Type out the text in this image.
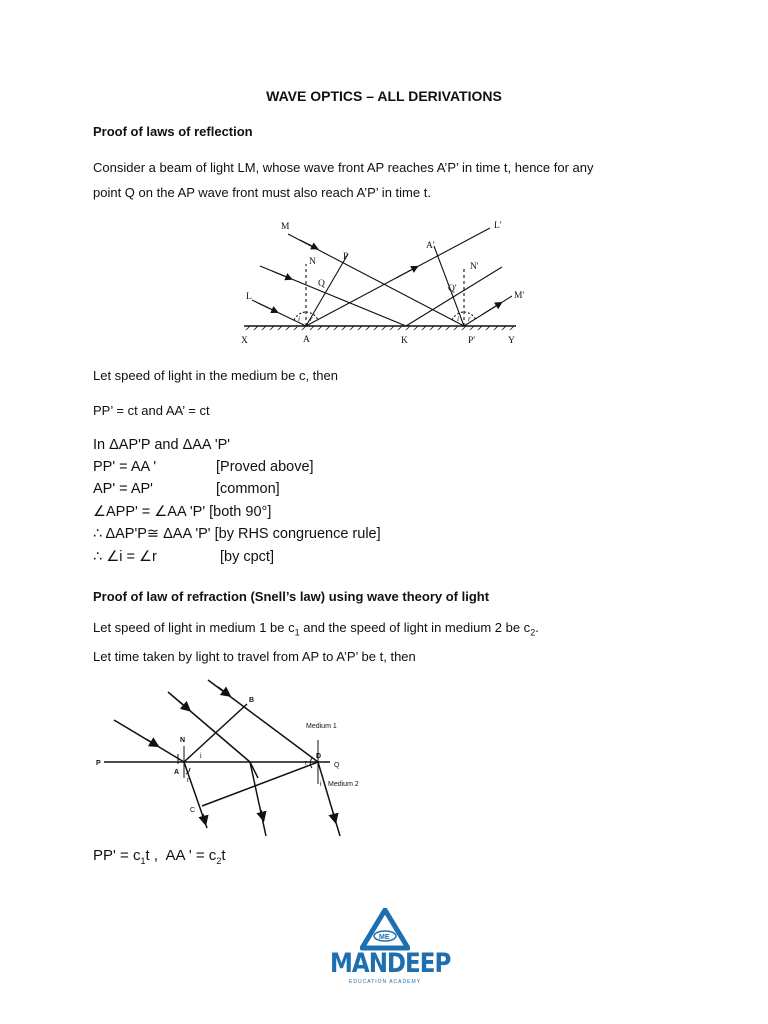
WAVE OPTICS – ALL DERIVATIONS
Proof of laws of reflection
Consider a beam of light LM, whose wave front AP reaches A’P’ in time t, hence for any
point Q on the AP wave front must also reach A’P’ in time t.
M
N	P
Q
L
X	A	K	P'	Y
A'
L'
N'
Q'
M'
i r	i r
Let speed of light in the medium be c, then
PP’ = ct and AA’ = ct
In ΔAP'P and ΔAA 'P'
PP' = AA '	[Proved above]
AP' = AP'	[common]
∠APP' = ∠AA 'P' [both 90°]
∴ ΔAP'P≅ ΔAA 'P' [by RHS congruence rule]
∴ ∠i = ∠r	[by cpct]
Proof of law of refraction (Snell’s law) using wave theory of light
Let speed of light in medium 1 be $c_1$ and the speed of light in medium 2 be $c_2$.
Let time taken by light to travel from AP to A’P’ be t, then
B
N
P
A
D
Q
C
i
r
r
i
Medium 1
Medium 2
$PP' = c_1t$ ,  AA ' = $c_2t$
ME
MANDEEP
EDUCATION ACADEMY
